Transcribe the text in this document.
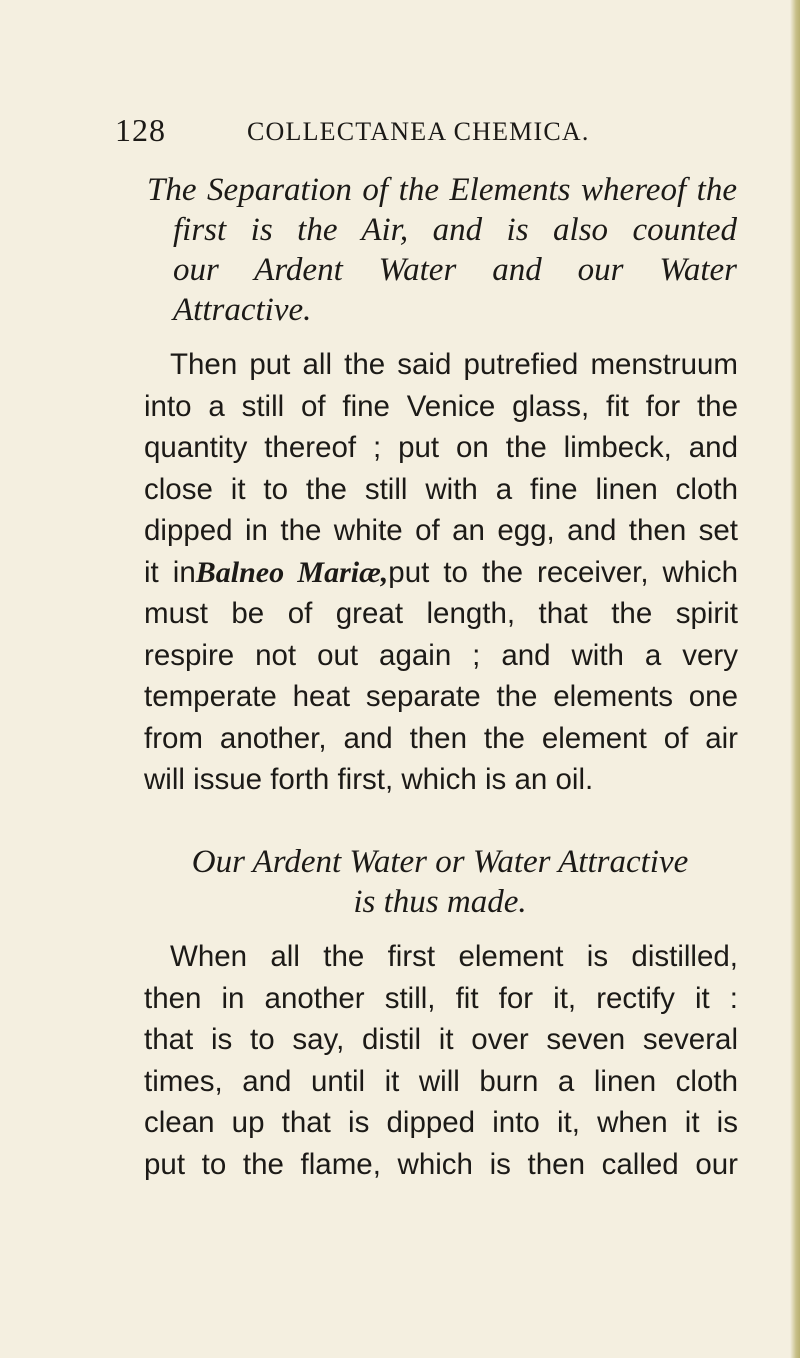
128	COLLECTANEA CHEMICA.
The Separation of the Elements whereof the
first is the Air, and is also counted
our Ardent Water and our Water
Attractive.
Then put all the said putrefied menstruum
into a still of fine Venice glass, fit for the
quantity thereof ; put on the limbeck, and
close it to the still with a fine linen cloth
dipped in the white of an egg, and then set
it inBalneo Mariæ,put to the receiver, which
must be of great length, that the spirit
respire not out again ; and with a very
temperate heat separate the elements one
from another, and then the element of air
will issue forth first, which is an oil.
Our Ardent Water or Water Attractive
is thus made.
When all the first element is distilled,
then in another still, fit for it, rectify it :
that is to say, distil it over seven several
times, and until it will burn a linen cloth
clean up that is dipped into it, when it is
put to the flame, which is then called our
